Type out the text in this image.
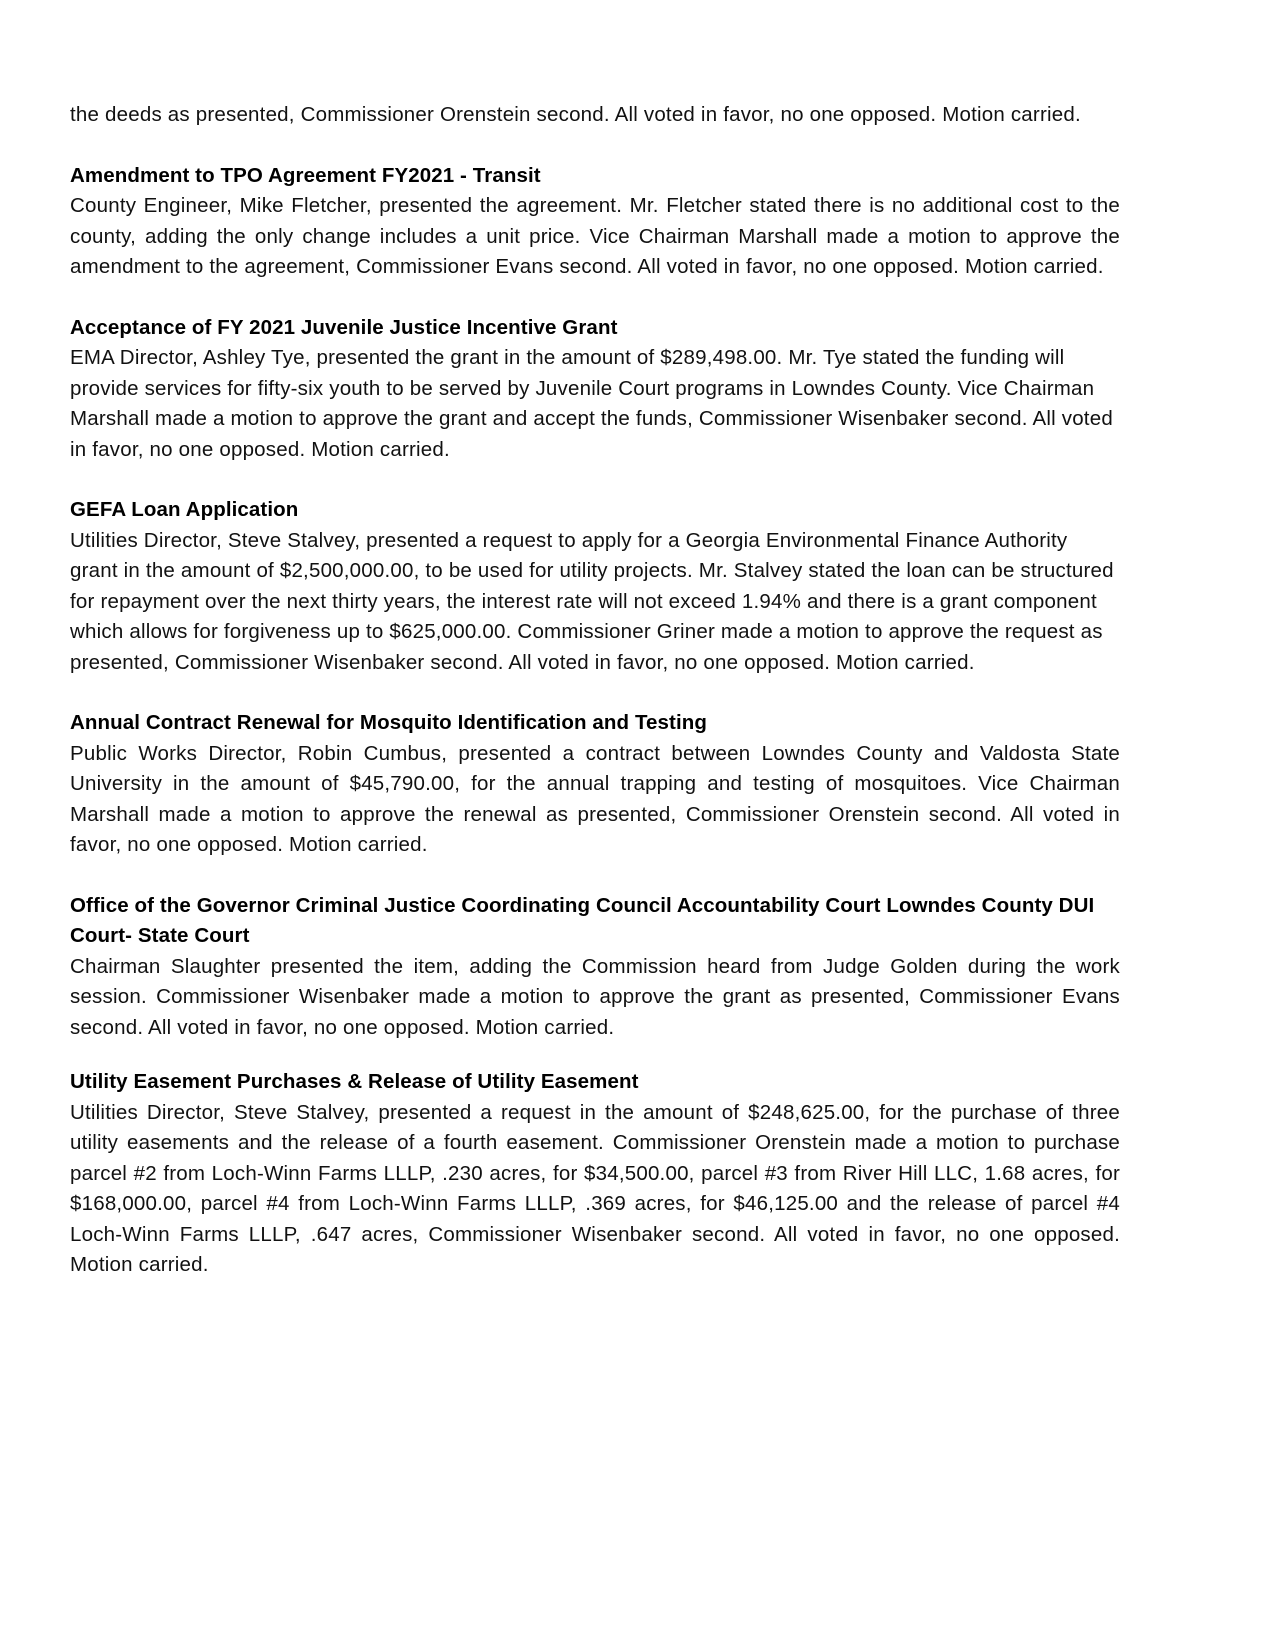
the deeds as presented, Commissioner Orenstein second. All voted in favor, no one opposed. Motion carried.

Amendment to TPO Agreement FY2021 - Transit

County Engineer, Mike Fletcher, presented the agreement. Mr. Fletcher stated there is no additional cost to the county, adding the only change includes a unit price. Vice Chairman Marshall made a motion to approve the amendment to the agreement, Commissioner Evans second. All voted in favor, no one opposed. Motion carried.

Acceptance of FY 2021 Juvenile Justice Incentive Grant

EMA Director, Ashley Tye, presented the grant in the amount of $289,498.00. Mr. Tye stated the funding will provide services for fifty-six youth to be served by Juvenile Court programs in Lowndes County. Vice Chairman Marshall made a motion to approve the grant and accept the funds, Commissioner Wisenbaker second. All voted in favor, no one opposed. Motion carried.

GEFA Loan Application

Utilities Director, Steve Stalvey, presented a request to apply for a Georgia Environmental Finance Authority grant in the amount of $2,500,000.00, to be used for utility projects. Mr. Stalvey stated the loan can be structured for repayment over the next thirty years, the interest rate will not exceed 1.94% and there is a grant component which allows for forgiveness up to $625,000.00. Commissioner Griner made a motion to approve the request as presented, Commissioner Wisenbaker second. All voted in favor, no one opposed. Motion carried.

Annual Contract Renewal for Mosquito Identification and Testing

Public Works Director, Robin Cumbus, presented a contract between Lowndes County and Valdosta State University in the amount of $45,790.00, for the annual trapping and testing of mosquitoes. Vice Chairman Marshall made a motion to approve the renewal as presented, Commissioner Orenstein second. All voted in favor, no one opposed. Motion carried.

Office of the Governor Criminal Justice Coordinating Council Accountability Court Lowndes County DUI Court- State Court

Chairman Slaughter presented the item, adding the Commission heard from Judge Golden during the work session. Commissioner Wisenbaker made a motion to approve the grant as presented, Commissioner Evans second. All voted in favor, no one opposed. Motion carried.

Utility Easement Purchases & Release of Utility Easement

Utilities Director, Steve Stalvey, presented a request in the amount of $248,625.00, for the purchase of three utility easements and the release of a fourth easement. Commissioner Orenstein made a motion to purchase parcel #2 from Loch-Winn Farms LLLP, .230 acres, for $34,500.00, parcel #3 from River Hill LLC, 1.68 acres, for $168,000.00, parcel #4 from Loch-Winn Farms LLLP, .369 acres, for $46,125.00 and the release of parcel #4 Loch-Winn Farms LLLP, .647 acres, Commissioner Wisenbaker second. All voted in favor, no one opposed. Motion carried.
